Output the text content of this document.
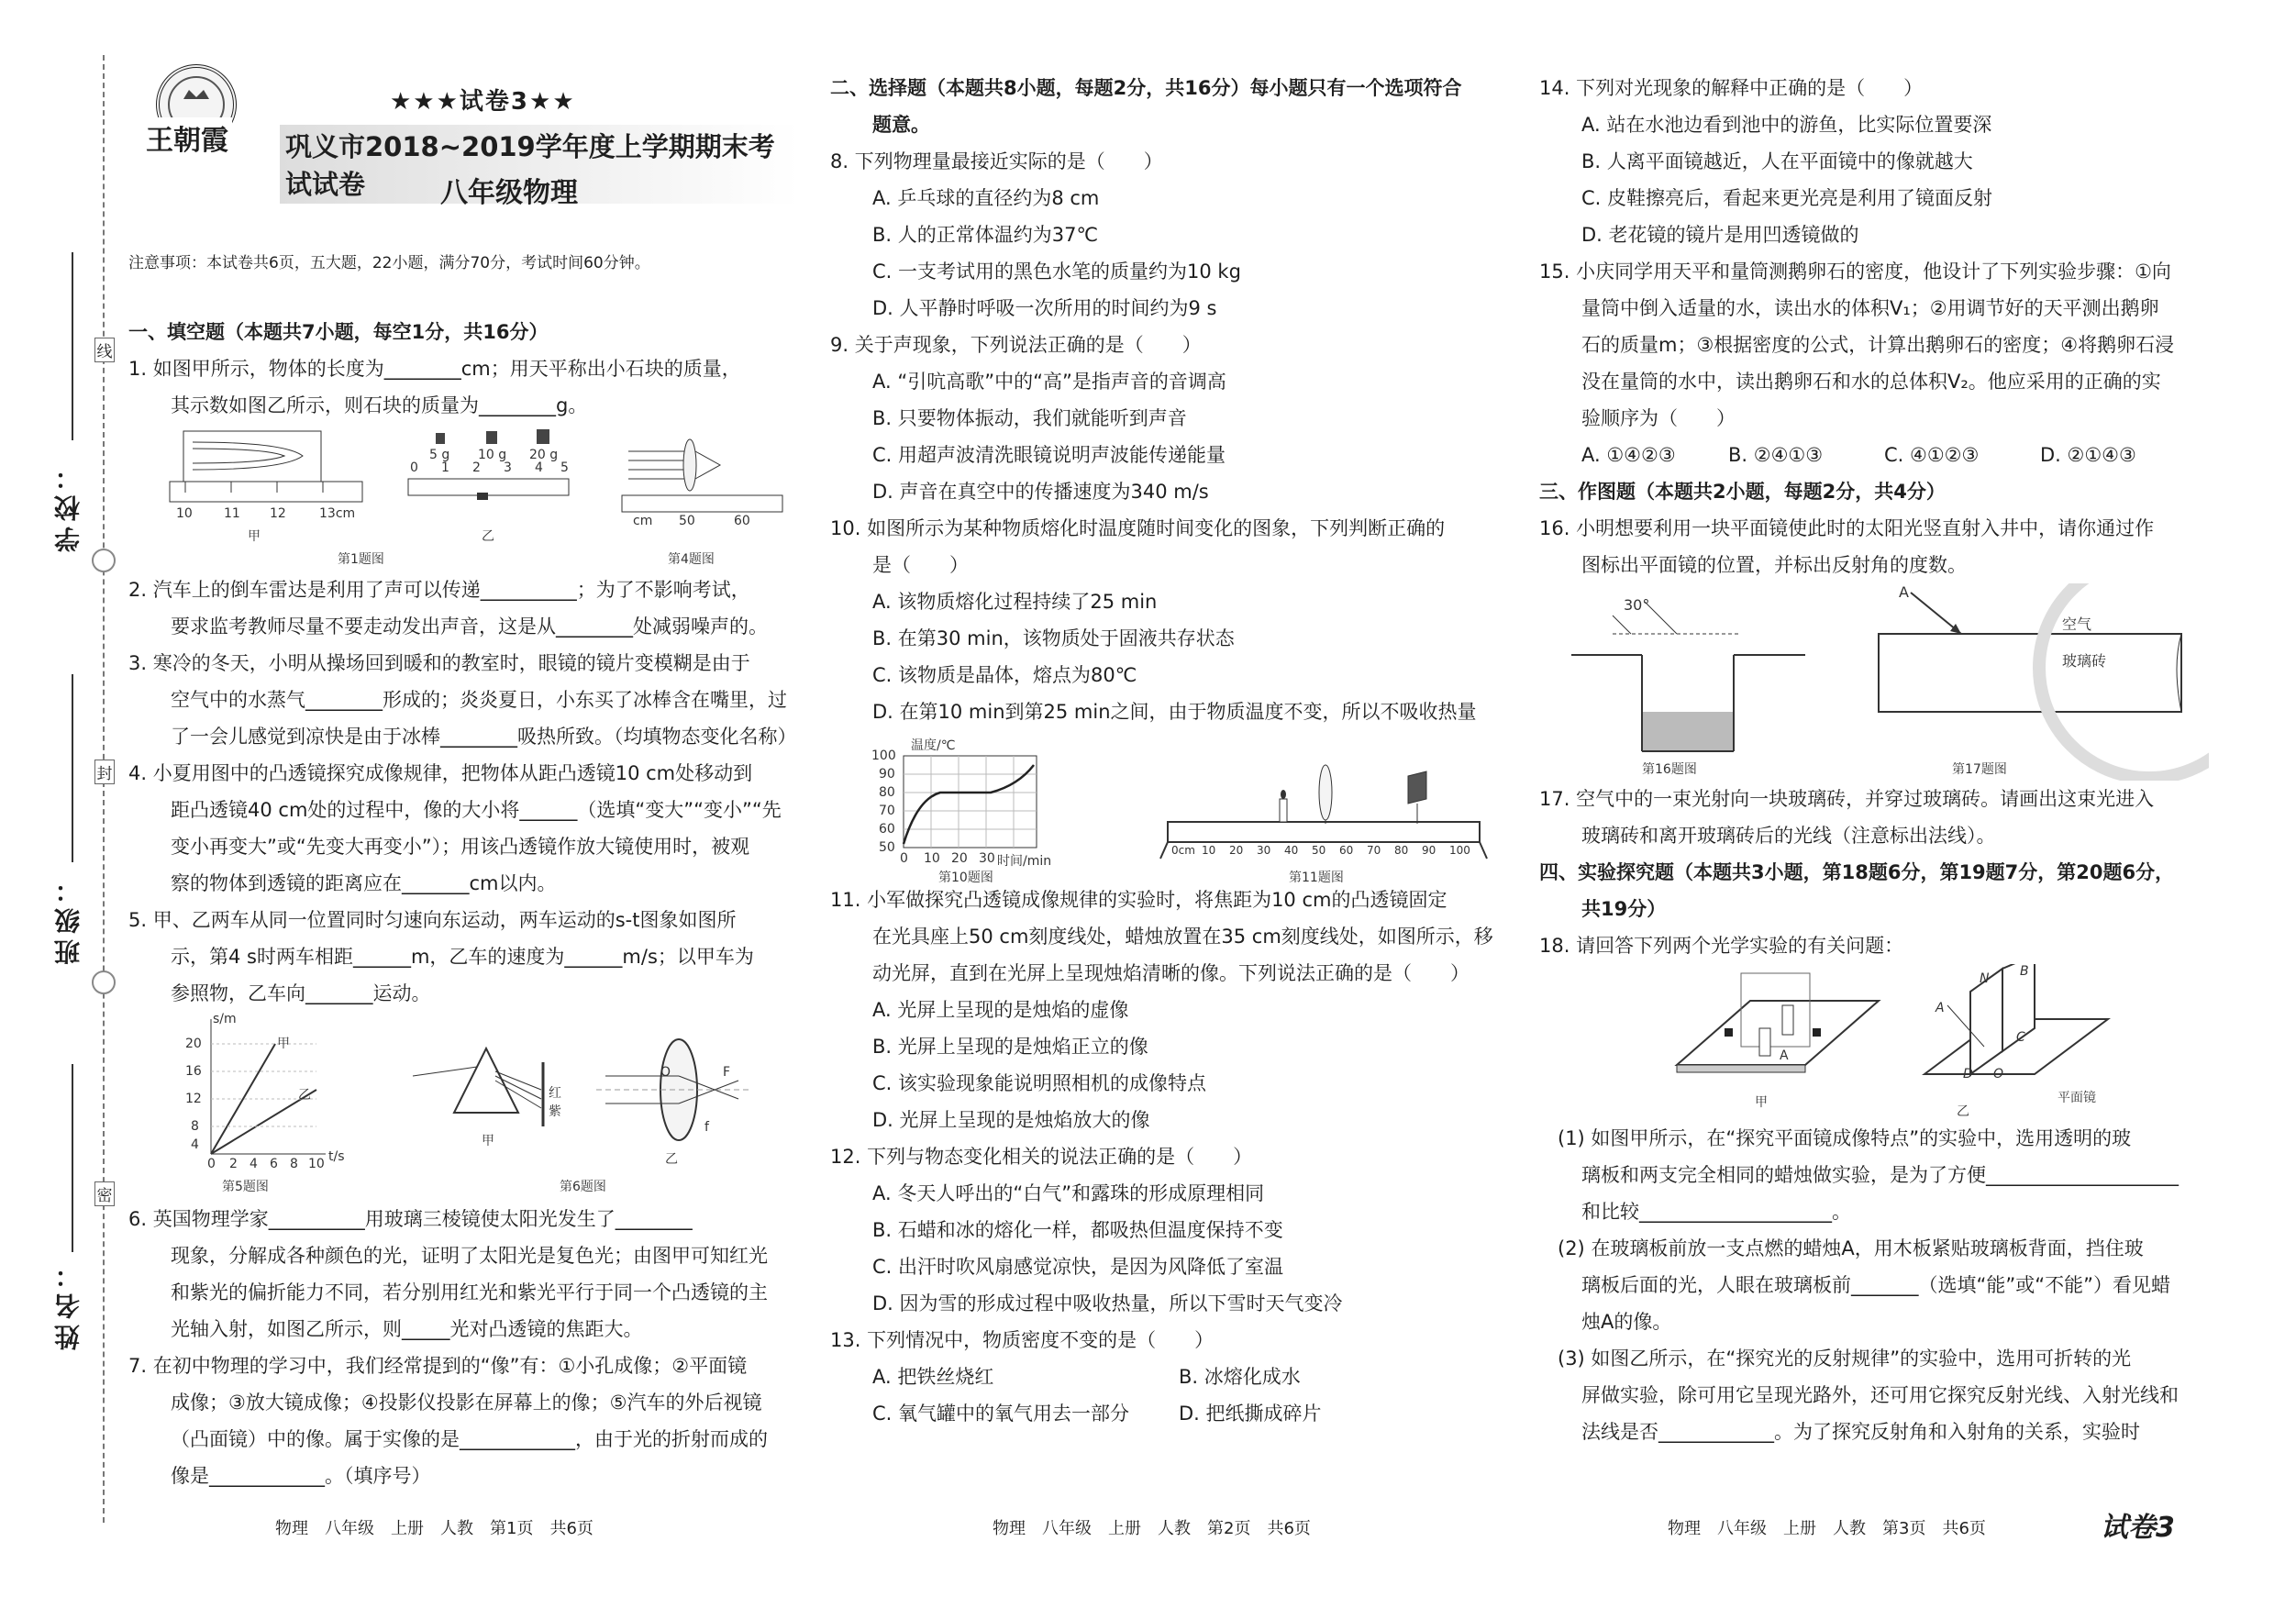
学校：
班级：
姓名：
线
封
密
王朝霞
★★★试卷3★★
巩义市2018~2019学年度上学期期末考试试卷	八年级物理
注意事项：本试卷共6页，五大题，22小题，满分70分，考试时间60分钟。
一、填空题（本题共7小题，每空1分，共16分）
1. 如图甲所示，物体的长度为________cm；用天平称出小石块的质量，
其示数如图乙所示，则石块的质量为________g。
10 11 12	13cm
5 g 10 g 20 g
0 1 2 3 4 5
cm 50	60
甲	乙
第1题图	第4题图
2. 汽车上的倒车雷达是利用了声可以传递__________；为了不影响考试，
要求监考教师尽量不要走动发出声音，这是从________处减弱噪声的。
3. 寒冷的冬天，小明从操场回到暖和的教室时，眼镜的镜片变模糊是由于
空气中的水蒸气________形成的；炎炎夏日，小东买了冰棒含在嘴里，过
了一会儿感觉到凉快是由于冰棒________吸热所致。（均填物态变化名称）
4. 小夏用图中的凸透镜探究成像规律，把物体从距凸透镜10 cm处移动到
距凸透镜40 cm处的过程中，像的大小将______（选填“变大”“变小”“先
变小再变大”或“先变大再变小”）；用该凸透镜作放大镜使用时，被观
察的物体到透镜的距离应在_______cm以内。
5. 甲、乙两车从同一位置同时匀速向东运动，两车运动的s-t图象如图所
示，第4 s时两车相距______m，乙车的速度为______m/s；以甲车为
参照物，乙车向_______运动。
s/m
20
16
12
8
4
0 2 4 6 8 10 t/s
甲
乙	红
紫
O	F
f
甲
乙
第5题图	第6题图
6. 英国物理学家__________用玻璃三棱镜使太阳光发生了________
现象，分解成各种颜色的光，证明了太阳光是复色光；由图甲可知红光
和紫光的偏折能力不同，若分别用红光和紫光平行于同一个凸透镜的主
光轴入射，如图乙所示，则_____光对凸透镜的焦距大。
7. 在初中物理的学习中，我们经常提到的“像”有：①小孔成像；②平面镜
成像；③放大镜成像；④投影仪投影在屏幕上的像；⑤汽车的外后视镜
（凸面镜）中的像。属于实像的是____________，由于光的折射而成的
像是____________。（填序号）
物理　八年级　上册　人教　第1页　共6页
二、选择题（本题共8小题，每题2分，共16分）每小题只有一个选项符合
题意。
8. 下列物理量最接近实际的是（　　）
A. 乒乓球的直径约为8 cm
B. 人的正常体温约为37℃
C. 一支考试用的黑色水笔的质量约为10 kg
D. 人平静时呼吸一次所用的时间约为9 s
9. 关于声现象，下列说法正确的是（　　）
A. “引吭高歌”中的“高”是指声音的音调高
B. 只要物体振动，我们就能听到声音
C. 用超声波清洗眼镜说明声波能传递能量
D. 声音在真空中的传播速度为340 m/s
10. 如图所示为某种物质熔化时温度随时间变化的图象，下列判断正确的
是（　　）
A. 该物质熔化过程持续了25 min
B. 在第30 min，该物质处于固液共存状态
C. 该物质是晶体，熔点为80℃
D. 在第10 min到第25 min之间，由于物质温度不变，所以不吸收热量
温度/℃
100
90
80
70
60
50
0 10 20 30 时间/min
0cm 10 20 30 40 50 60 70 80 90 100
第10题图	第11题图
11. 小军做探究凸透镜成像规律的实验时，将焦距为10 cm的凸透镜固定
在光具座上50 cm刻度线处，蜡烛放置在35 cm刻度线处，如图所示，移
动光屏，直到在光屏上呈现烛焰清晰的像。下列说法正确的是（　　）
A. 光屏上呈现的是烛焰的虚像
B. 光屏上呈现的是烛焰正立的像
C. 该实验现象能说明照相机的成像特点
D. 光屏上呈现的是烛焰放大的像
12. 下列与物态变化相关的说法正确的是（　　）
A. 冬天人呼出的“白气”和露珠的形成原理相同
B. 石蜡和冰的熔化一样，都吸热但温度保持不变
C. 出汗时吹风扇感觉凉快，是因为风降低了室温
D. 因为雪的形成过程中吸收热量，所以下雪时天气变冷
13. 下列情况中，物质密度不变的是（　　）
A. 把铁丝烧红	B. 冰熔化成水
C. 氧气罐中的氧气用去一部分	D. 把纸撕成碎片
物理　八年级　上册　人教　第2页　共6页
14. 下列对光现象的解释中正确的是（　　）
A. 站在水池边看到池中的游鱼，比实际位置要深
B. 人离平面镜越近，人在平面镜中的像就越大
C. 皮鞋擦亮后，看起来更光亮是利用了镜面反射
D. 老花镜的镜片是用凹透镜做的
15. 小庆同学用天平和量筒测鹅卵石的密度，他设计了下列实验步骤：①向
量筒中倒入适量的水，读出水的体积V₁；②用调节好的天平测出鹅卵
石的质量m；③根据密度的公式，计算出鹅卵石的密度；④将鹅卵石浸
没在量筒的水中，读出鹅卵石和水的总体积V₂。他应采用的正确的实
验顺序为（　　）
A. ①④②③	B. ②④①③	C. ④①②③	D. ②①④③
三、作图题（本题共2小题，每题2分，共4分）
16. 小明想要利用一块平面镜使此时的太阳光竖直射入井中，请你通过作
图标出平面镜的位置，并标出反射角的度数。
30°
A
空气
玻璃砖
第16题图	第17题图
17. 空气中的一束光射向一块玻璃砖，并穿过玻璃砖。请画出这束光进入
玻璃砖和离开玻璃砖后的光线（注意标出法线）。
四、实验探究题（本题共3小题，第18题6分，第19题7分，第20题6分，
共19分）
18. 请回答下列两个光学实验的有关问题：
A
甲
A
N B
C
D O
平面镜
乙
(1) 如图甲所示，在“探究平面镜成像特点”的实验中，选用透明的玻
璃板和两支完全相同的蜡烛做实验，是为了方便____________________
和比较____________________。
(2) 在玻璃板前放一支点燃的蜡烛A，用木板紧贴玻璃板背面，挡住玻
璃板后面的光，人眼在玻璃板前_______（选填“能”或“不能”）看见蜡
烛A的像。
(3) 如图乙所示，在“探究光的反射规律”的实验中，选用可折转的光
屏做实验，除可用它呈现光路外，还可用它探究反射光线、入射光线和
法线是否____________。为了探究反射角和入射角的关系，实验时
物理　八年级　上册　人教　第3页　共6页	试卷3
